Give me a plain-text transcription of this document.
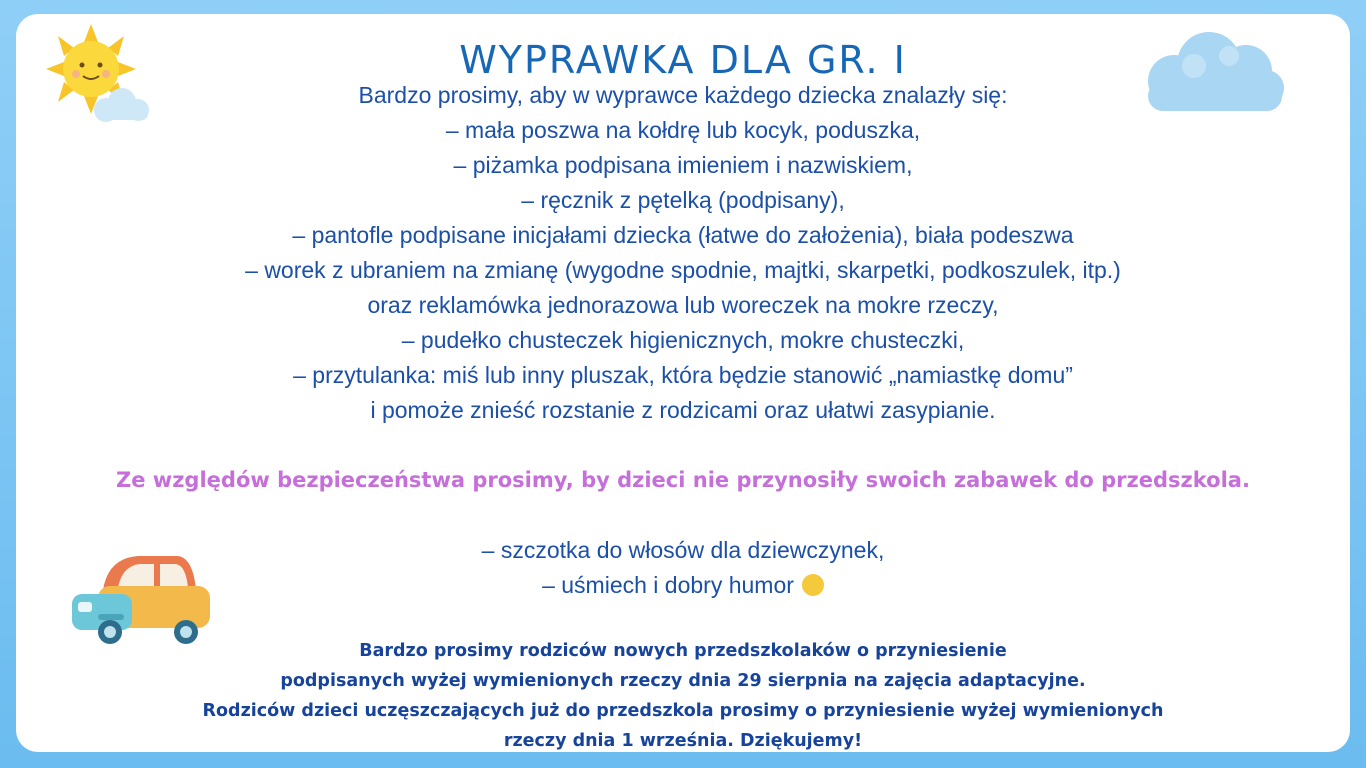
WYPRAWKA DLA GR. I
Bardzo prosimy, aby w wyprawce każdego dziecka znalazły się:
– mała poszwa na kołdrę lub kocyk, poduszka,
– piżamka podpisana imieniem i nazwiskiem,
– ręcznik z pętelką (podpisany),
– pantofle podpisane inicjałami dziecka (łatwe do założenia), biała podeszwa
– worek z ubraniem na zmianę (wygodne spodnie, majtki, skarpetki, podkoszulek, itp.)
oraz reklamówka jednorazowa lub woreczek na mokre rzeczy,
– pudełko chusteczek higienicznych, mokre chusteczki,
– przytulanka: miś lub inny pluszak, która będzie stanowić „namiastkę domu”
i pomoże znieść rozstanie z rodzicami oraz ułatwi zasypianie.
Ze względów bezpieczeństwa prosimy, by dzieci nie przynosiły swoich zabawek do przedszkola.
– szczotka do włosów dla dziewczynek,
– uśmiech i dobry humor
Bardzo prosimy rodziców nowych przedszkolaków o przyniesienie
podpisanych wyżej wymienionych rzeczy dnia 29 sierpnia na zajęcia adaptacyjne.
Rodziców dzieci uczęszczających już do przedszkola prosimy o przyniesienie wyżej wymienionych
rzeczy dnia 1 września. Dziękujemy!
